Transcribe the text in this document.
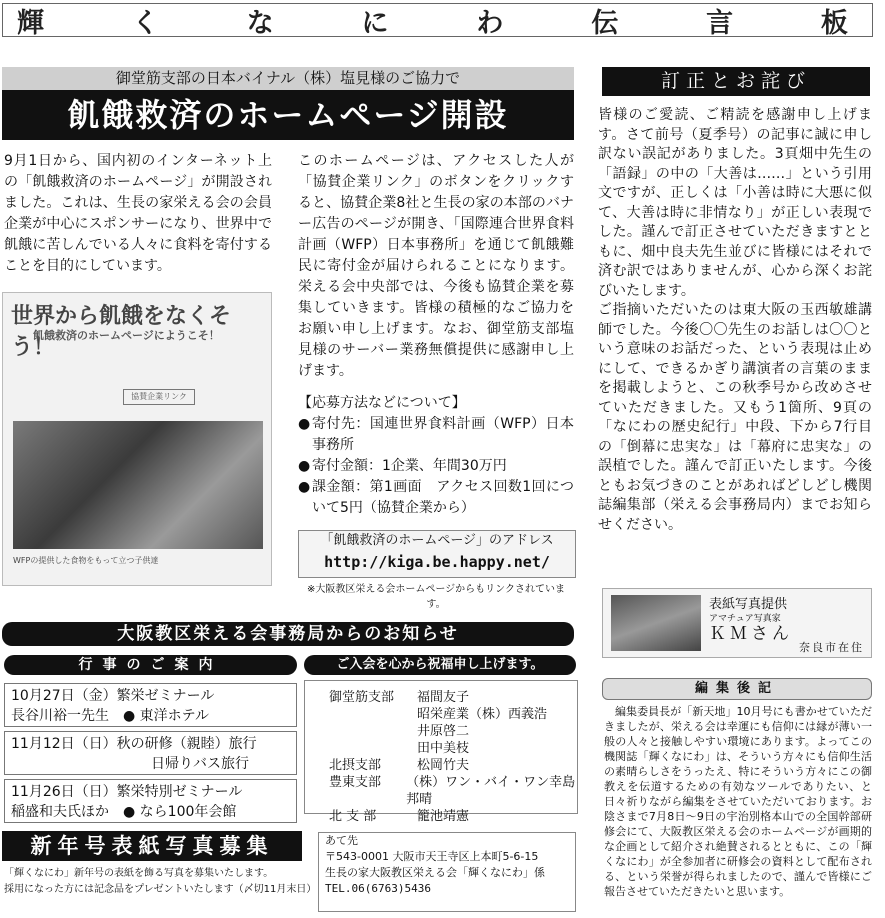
輝	く	な	に	わ	伝	言	板
御堂筋支部の日本バイナル（株）塩見様のご協力で
飢餓救済のホームページ開設
9月1日から、国内初のインターネット上の「飢餓救済のホームページ」が開設されました。これは、生長の家栄える会の会員企業が中心にスポンサーになり、世界中で飢餓に苦しんでいる人々に食料を寄付することを目的にしています。
このホームページは、アクセスした人が「協賛企業リンク」のボタンをクリックすると、協賛企業8社と生長の家の本部のバナー広告のページが開き、「国際連合世界食料計画（WFP）日本事務所」を通じて飢餓難民に寄付金が届けられることになります。栄える会中央部では、今後も協賛企業を募集していきます。皆様の積極的なご協力をお願い申し上げます。なお、御堂筋支部塩見様のサーバー業務無償提供に感謝申し上げます。
【応募方法などについて】
● 寄付先：国連世界食料計画（WFP）日本事務所
● 寄付金額：1企業、年間30万円
● 課金額：第1画面　アクセス回数1回について5円（協賛企業から）
世界から飢餓をなくそう！
飢餓救済のホームページにようこそ！
協賛企業リンク
WFPの提供した食物をもって立つ子供達
「飢餓救済のホームページ」のアドレス
http://kiga.be.happy.net/
※大阪教区栄える会ホームページからもリンクされています。
大阪教区栄える会事務局からのお知らせ
行事のご案内	ご入会を心から祝福申し上げます。
10月27日（金）繁栄ゼミナール
長谷川裕一先生　● 東洋ホテル
11月12日（日）秋の研修（親睦）旅行
日帰りバス旅行
11月26日（日）繁栄特別ゼミナール
稲盛和夫氏ほか　● なら100年会館
御堂筋支部	福間友子
昭栄産業（株）西義浩
井原啓二
田中美枝
北摂支部	松岡竹夫
豊東支部	（株）ワン・バイ・ワン幸島邦晴
北 支 部	籠池靖憲
新年号表紙写真募集
「輝くなにわ」新年号の表紙を飾る写真を募集いたします。
採用になった方には記念品をプレゼントいたします（〆切11月末日）
あて先
〒543-0001 大阪市天王寺区上本町5-6-15
生長の家大阪教区栄える会「輝くなにわ」係
TEL.06(6763)5436
訂正とお詫び
皆様のご愛読、ご精読を感謝申し上げます。さて前号（夏季号）の記事に誠に申し訳ない誤記がありました。3頁畑中先生の「語録」の中の「大善は……」という引用文ですが、正しくは「小善は時に大悪に似て、大善は時に非情なり」が正しい表現でした。謹んで訂正させていただきますとともに、畑中良夫先生並びに皆様にはそれで済む訳ではありませんが、心から深くお詫びいたします。
ご指摘いただいたのは東大阪の玉西敏雄講師でした。今後〇〇先生のお話しは〇〇という意味のお話だった、という表現は止めにして、できるかぎり講演者の言葉のままを掲載しようと、この秋季号から改めさせていただきました。又もう1箇所、9頁の「なにわの歴史紀行」中段、下から7行目の「倒幕に忠実な」は「幕府に忠実な」の誤植でした。謹んで訂正いたします。今後ともお気づきのことがあればどしどし機関誌編集部（栄える会事務局内）までお知らせください。
表紙写真提供
アマチュア写真家
ＫＭさん
奈良市在住
編集後記
編集委員長が「新天地」10月号にも書かせていただきましたが、栄える会は幸運にも信仰には縁が薄い一般の人々と接触しやすい環境にあります。よってこの機関誌「輝くなにわ」は、そういう方々にも信仰生活の素晴らしさをうったえ、特にそういう方々にこの御教えを伝道するための有効なツールでありたい、と日々祈りながら編集をさせていただいております。お陰さまで7月8日〜9日の宇治別格本山での全国幹部研修会にて、大阪教区栄える会のホームページが画期的な企画として紹介され絶賛されるとともに、この「輝くなにわ」が全参加者に研修会の資料として配布される、という栄誉が得られましたので、謹んで皆様にご報告させていただきたいと思います。
